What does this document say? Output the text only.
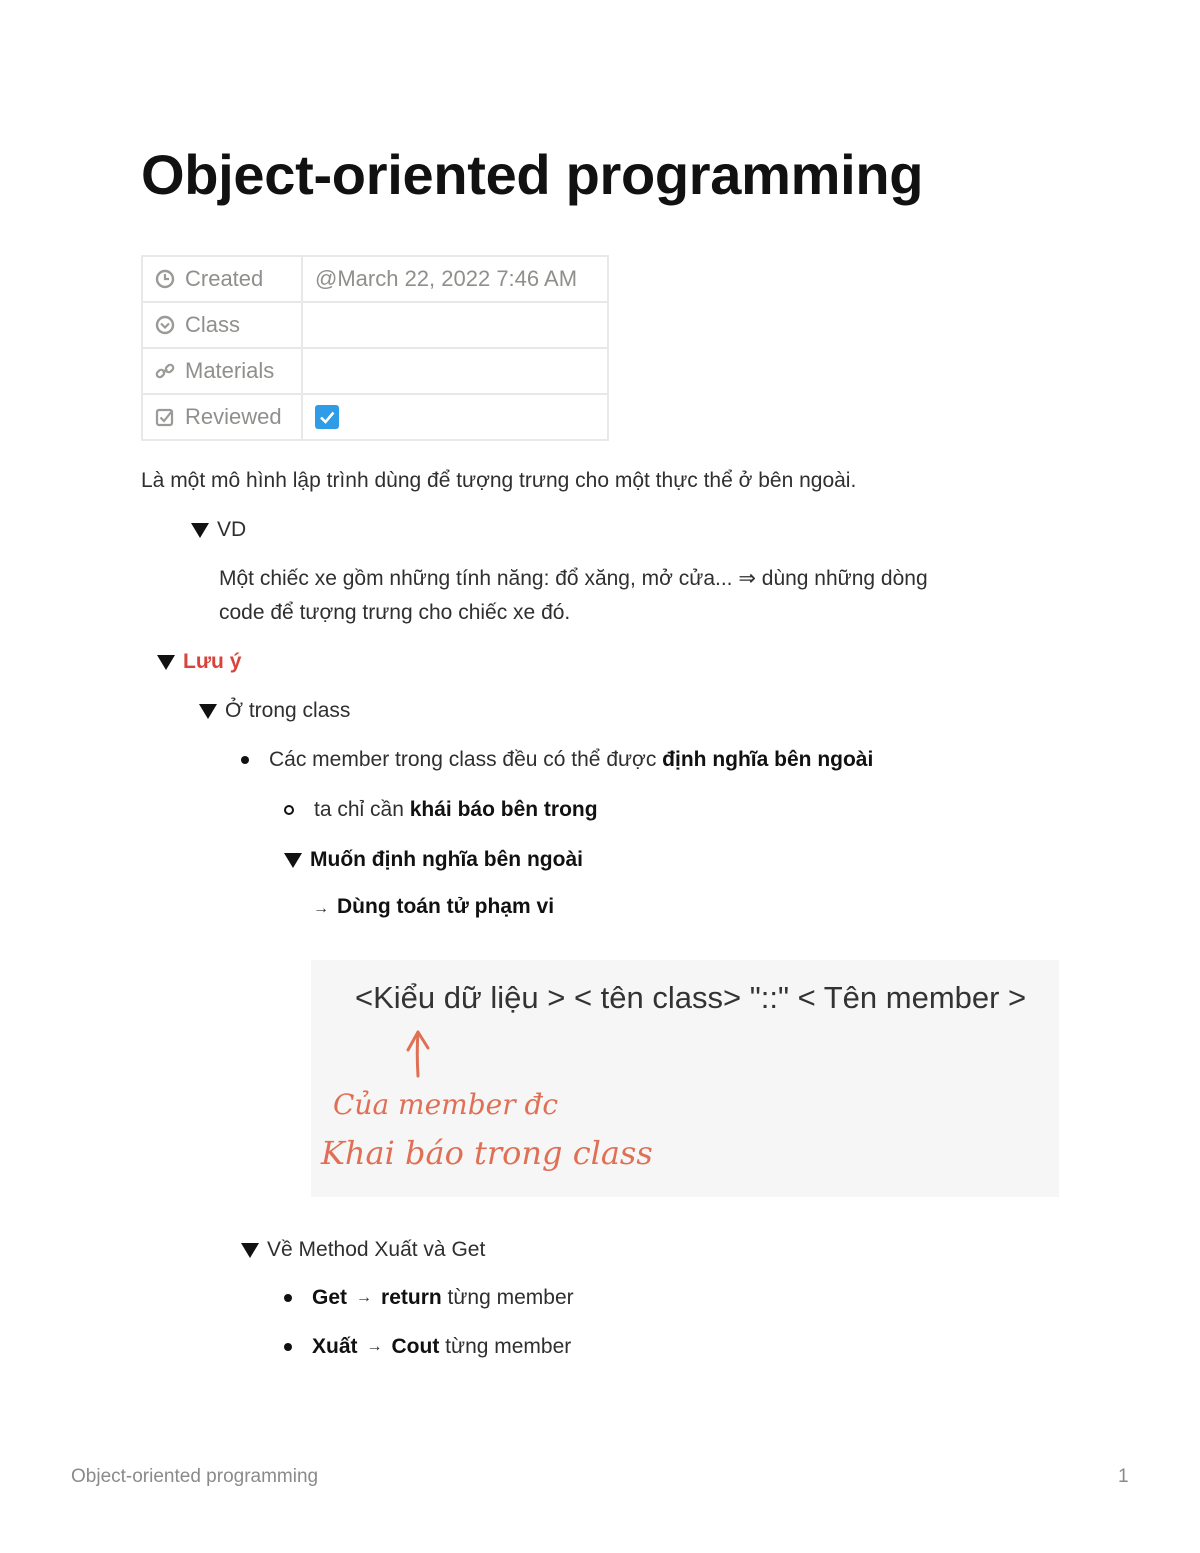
Object-oriented programming
Created	@March 22, 2022 7:46 AM

Class	

Materials	

Reviewed

Là một mô hình lập trình dùng để tượng trưng cho một thực thể ở bên ngoài.
VD
Một chiếc xe gồm những tính năng: đổ xăng, mở cửa... ⇒ dùng những dòng
code để tượng trưng cho chiếc xe đó.
Lưu ý
Ở trong class
Các member trong class đều có thể được định nghĩa bên ngoài
ta chỉ cần khái báo bên trong
Muốn định nghĩa bên ngoài
→ Dùng toán tử phạm vi
<Kiểu dữ liệu > < tên class> "::" < Tên member >
Của member đc
Khai báo trong class
Về Method Xuất và Get
Get → return từng member
Xuất → Cout từng member
Object-oriented programming	1
